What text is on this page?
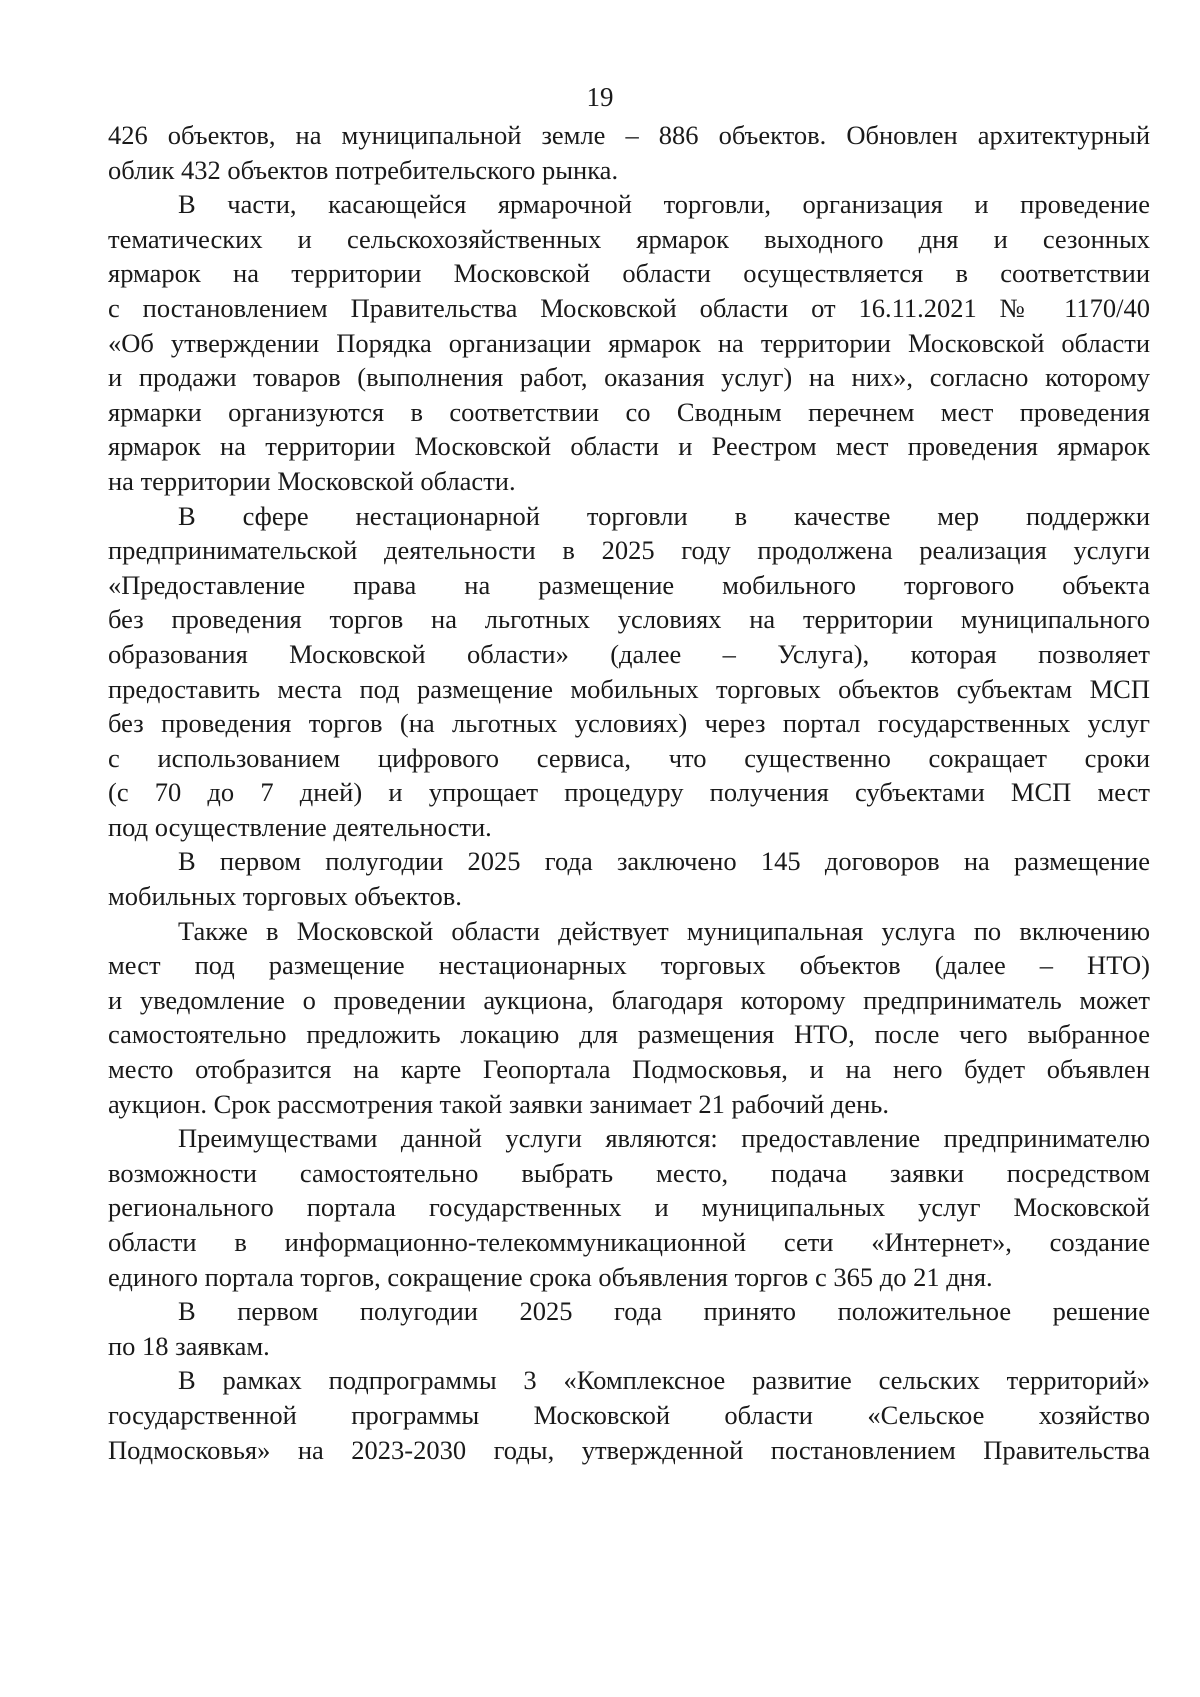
19
426 объектов, на муниципальной земле – 886 объектов. Обновлен архитектурный
облик 432 объектов потребительского рынка.
В части, касающейся ярмарочной торговли, организация и проведение
тематических и сельскохозяйственных ярмарок выходного дня и сезонных
ярмарок на территории Московской области осуществляется в соответствии
с постановлением Правительства Московской области от 16.11.2021 № 1170/40
«Об утверждении Порядка организации ярмарок на территории Московской области
и продажи товаров (выполнения работ, оказания услуг) на них», согласно которому
ярмарки организуются в соответствии со Сводным перечнем мест проведения
ярмарок на территории Московской области и Реестром мест проведения ярмарок
на территории Московской области.
В сфере нестационарной торговли в качестве мер поддержки
предпринимательской деятельности в 2025 году продолжена реализация услуги
«Предоставление права на размещение мобильного торгового объекта
без проведения торгов на льготных условиях на территории муниципального
образования Московской области» (далее – Услуга), которая позволяет
предоставить места под размещение мобильных торговых объектов субъектам МСП
без проведения торгов (на льготных условиях) через портал государственных услуг
с использованием цифрового сервиса, что существенно сокращает сроки
(с 70 до 7 дней) и упрощает процедуру получения субъектами МСП мест
под осуществление деятельности.
В первом полугодии 2025 года заключено 145 договоров на размещение
мобильных торговых объектов.
Также в Московской области действует муниципальная услуга по включению
мест под размещение нестационарных торговых объектов (далее – НТО)
и уведомление о проведении аукциона, благодаря которому предприниматель может
самостоятельно предложить локацию для размещения НТО, после чего выбранное
место отобразится на карте Геопортала Подмосковья, и на него будет объявлен
аукцион. Срок рассмотрения такой заявки занимает 21 рабочий день.
Преимуществами данной услуги являются: предоставление предпринимателю
возможности самостоятельно выбрать место, подача заявки посредством
регионального портала государственных и муниципальных услуг Московской
области в информационно-телекоммуникационной сети «Интернет», создание
единого портала торгов, сокращение срока объявления торгов с 365 до 21 дня.
В первом полугодии 2025 года принято положительное решение
по 18 заявкам.
В рамках подпрограммы 3 «Комплексное развитие сельских территорий»
государственной программы Московской области «Сельское хозяйство
Подмосковья» на 2023-2030 годы, утвержденной постановлением Правительства
